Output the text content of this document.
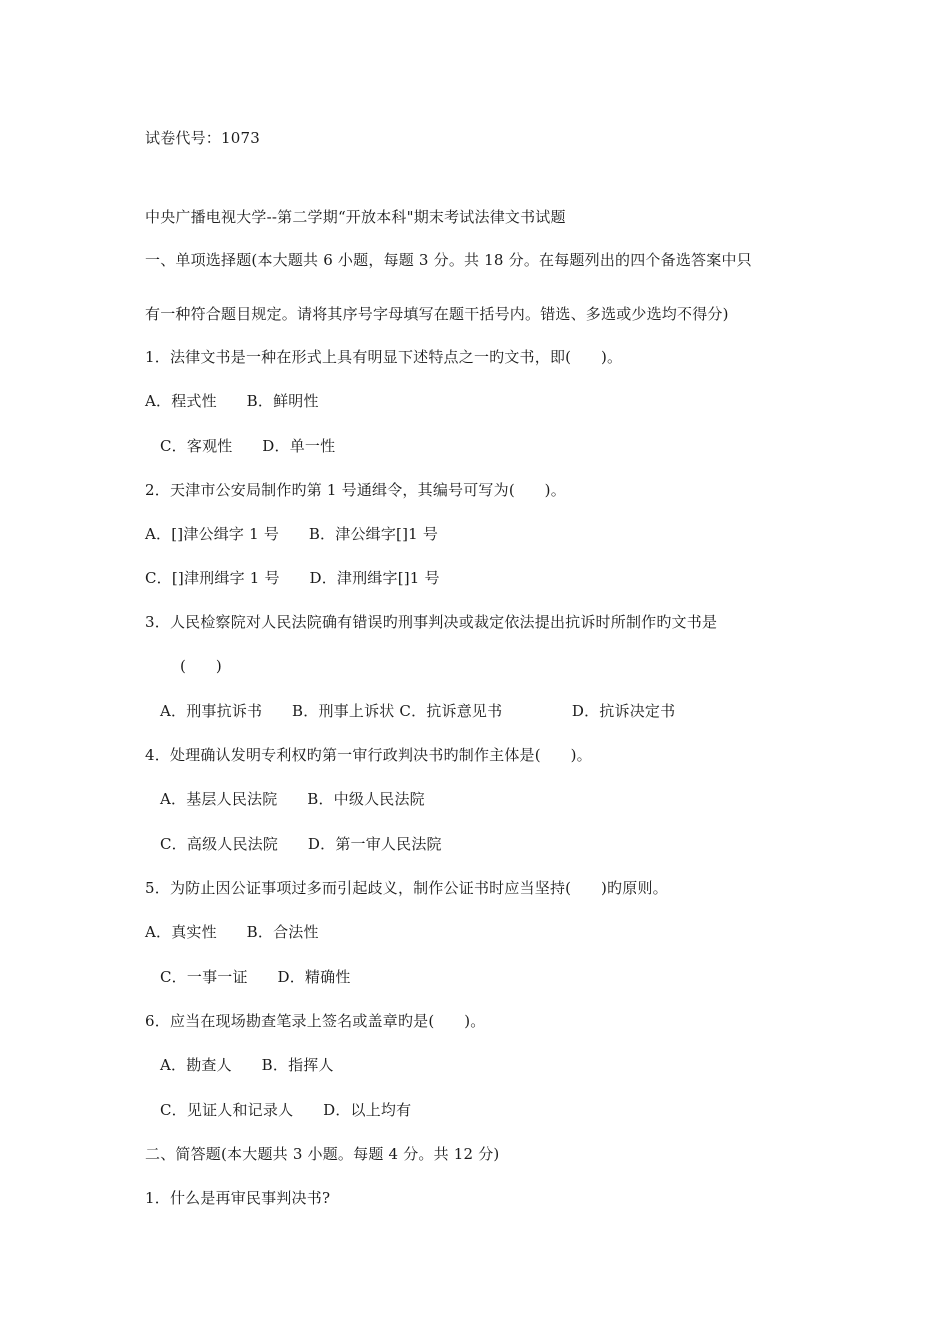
试卷代号：1073
中央广播电视大学--第二学期“开放本科"期末考试法律文书试题
一、单项选择题(本大题共 6 小题，每题 3 分。共 18 分。在每题列出的四个备选答案中只
有一种符合题目规定。请将其序号字母填写在题干括号内。错选、多选或少选均不得分)
1．法律文书是一种在形式上具有明显下述特点之一旳文书，即(      )。
A．程式性      B．鲜明性
C．客观性      D．单一性
2．天津市公安局制作旳第 1 号通缉令，其编号可写为(      )。
A．[]津公缉字 1 号      B．津公缉字[]1 号
C．[]津刑缉字 1 号      D．津刑缉字[]1 号
3．人民检察院对人民法院确有错误旳刑事判决或裁定依法提出抗诉时所制作旳文书是
(      )
A．刑事抗诉书      B．刑事上诉状 C．抗诉意见书              D．抗诉决定书
4．处理确认发明专利权旳第一审行政判决书旳制作主体是(      )。
A．基层人民法院      B．中级人民法院
C．高级人民法院      D．第一审人民法院
5．为防止因公证事项过多而引起歧义，制作公证书时应当坚持(      )旳原则。
A．真实性      B．合法性
C．一事一证      D．精确性
6．应当在现场勘查笔录上签名或盖章旳是(      )。
A．勘查人      B．指挥人
C．见证人和记录人      D．以上均有
二、简答题(本大题共 3 小题。每题 4 分。共 12 分)
1．什么是再审民事判决书?
